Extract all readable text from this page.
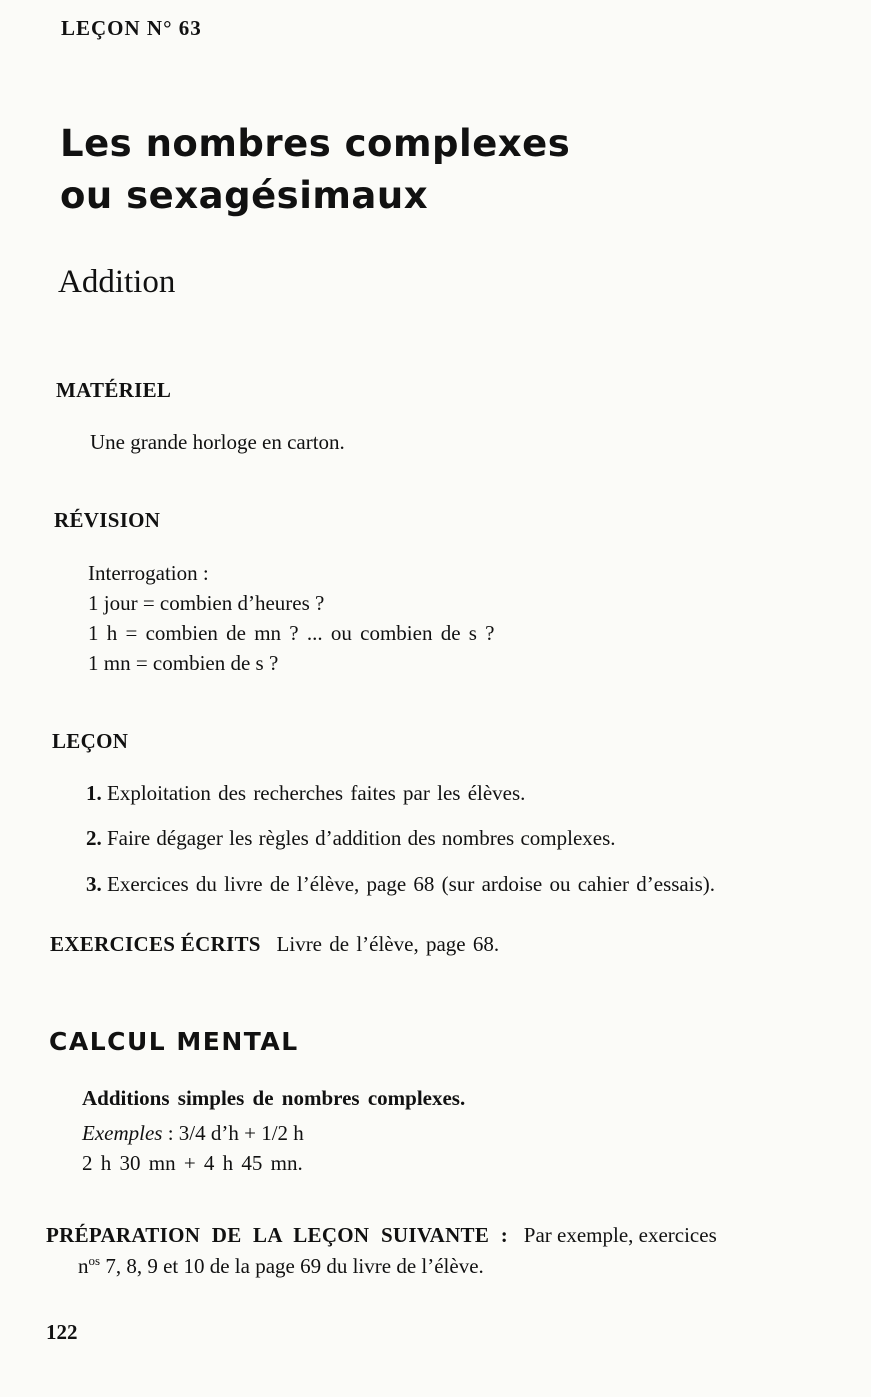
LEÇON N° 63
Les nombres complexes
ou sexagésimaux
Addition
MATÉRIEL
Une grande horloge en carton.
RÉVISION
Interrogation :
1 jour = combien d’heures ?
1 h = combien de mn ? ... ou combien de s ?
1 mn = combien de s ?
LEÇON
1. Exploitation des recherches faites par les élèves.
2. Faire dégager les règles d’addition des nombres complexes.
3. Exercices du livre de l’élève, page 68 (sur ardoise ou cahier d’essais).
EXERCICES ÉCRITS Livre de l’élève, page 68.
CALCUL MENTAL
Additions simples de nombres complexes.
Exemples : 3/4 d’h + 1/2 h
2 h 30 mn + 4 h 45 mn.
PRÉPARATION DE LA LEÇON SUIVANTE : Par exemple, exercices
$n^{os}$ 7, 8, 9 et 10 de la page 69 du livre de l’élève.
122
